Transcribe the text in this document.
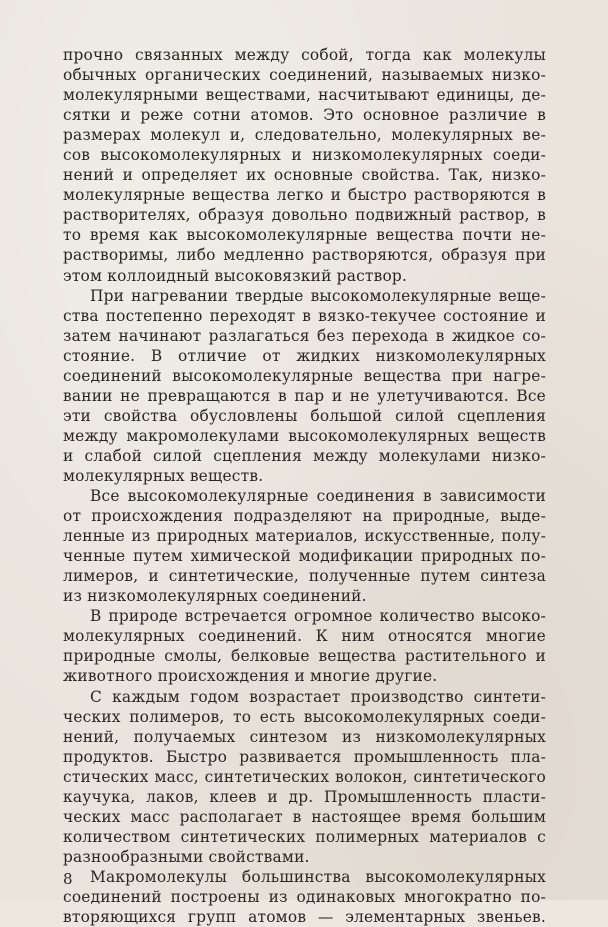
прочно связанных между собой, тогда как молекулы
обычных органических соединений, называемых низко-
молекулярными веществами, насчитывают единицы, де-
сятки и реже сотни атомов. Это основное различие в
размерах молекул и, следовательно, молекулярных ве-
сов высокомолекулярных и низкомолекулярных соеди-
нений и определяет их основные свойства. Так, низко-
молекулярные вещества легко и быстро растворяются в
растворителях, образуя довольно подвижный раствор, в
то время как высокомолекулярные вещества почти не-
растворимы, либо медленно растворяются, образуя при
этом коллоидный высоковязкий раствор.
При нагревании твердые высокомолекулярные веще-
ства постепенно переходят в вязко-текучее состояние и
затем начинают разлагаться без перехода в жидкое со-
стояние. В отличие от жидких низкомолекулярных
соединений высокомолекулярные вещества при нагре-
вании не превращаются в пар и не улетучиваются. Все
эти свойства обусловлены большой силой сцепления
между макромолекулами высокомолекулярных веществ
и слабой силой сцепления между молекулами низко-
молекулярных веществ.
Все высокомолекулярные соединения в зависимости
от происхождения подразделяют на природные, выде-
ленные из природных материалов, искусственные, полу-
ченные путем химической модификации природных по-
лимеров, и синтетические, полученные путем синтеза
из низкомолекулярных соединений.
В природе встречается огромное количество высоко-
молекулярных соединений. К ним относятся многие
природные смолы, белковые вещества растительного и
животного происхождения и многие другие.
С каждым годом возрастает производство синтети-
ческих полимеров, то есть высокомолекулярных соеди-
нений, получаемых синтезом из низкомолекулярных
продуктов. Быстро развивается промышленность пла-
стических масс, синтетических волокон, синтетического
каучука, лаков, клеев и др. Промышленность пласти-
ческих масс располагает в настоящее время большим
количеством синтетических полимерных материалов с
разнообразными свойствами.
Макромолекулы большинства высокомолекулярных
соединений построены из одинаковых многократно по-
вторяющихся групп атомов — элементарных звеньев.
8
